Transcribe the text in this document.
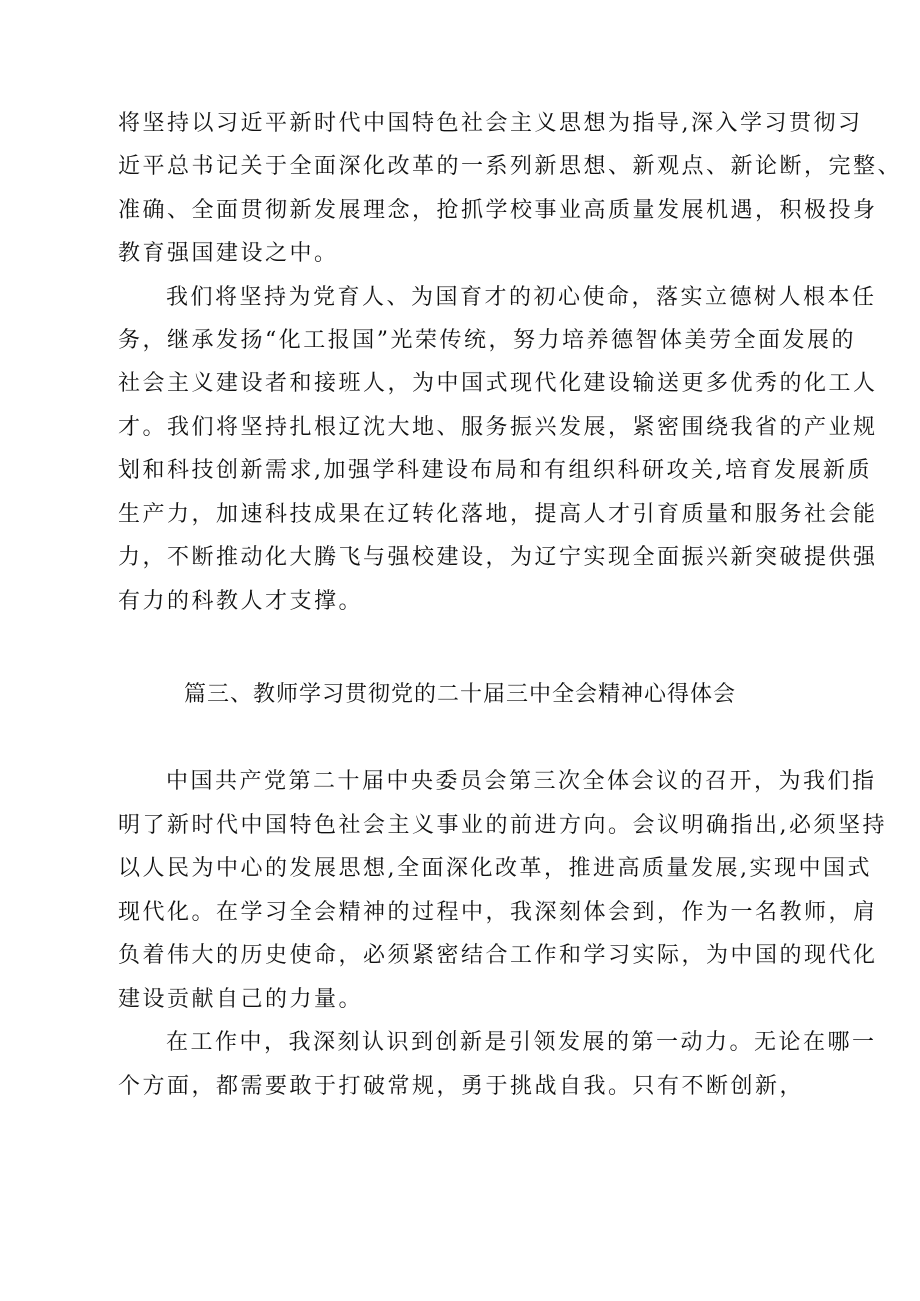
将坚持以习近平新时代中国特色社会主义思想为指导,深入学习贯彻习
近平总书记关于全面深化改革的一系列新思想、新观点、新论断，完整、
准确、全面贯彻新发展理念，抢抓学校事业高质量发展机遇，积极投身
教育强国建设之中。
我们将坚持为党育人、为国育才的初心使命，落实立德树人根本任
务，继承发扬“化工报国”光荣传统，努力培养德智体美劳全面发展的
社会主义建设者和接班人，为中国式现代化建设输送更多优秀的化工人
才。我们将坚持扎根辽沈大地、服务振兴发展，紧密围绕我省的产业规
划和科技创新需求,加强学科建设布局和有组织科研攻关,培育发展新质
生产力，加速科技成果在辽转化落地，提高人才引育质量和服务社会能
力，不断推动化大腾飞与强校建设，为辽宁实现全面振兴新突破提供强
有力的科教人才支撑。
篇三、教师学习贯彻党的二十届三中全会精神心得体会
中国共产党第二十届中央委员会第三次全体会议的召开，为我们指
明了新时代中国特色社会主义事业的前进方向。会议明确指出,必须坚持
以人民为中心的发展思想,全面深化改革，推进高质量发展,实现中国式
现代化。在学习全会精神的过程中，我深刻体会到，作为一名教师，肩
负着伟大的历史使命，必须紧密结合工作和学习实际，为中国的现代化
建设贡献自己的力量。
在工作中，我深刻认识到创新是引领发展的第一动力。无论在哪一
个方面，都需要敢于打破常规，勇于挑战自我。只有不断创新，
